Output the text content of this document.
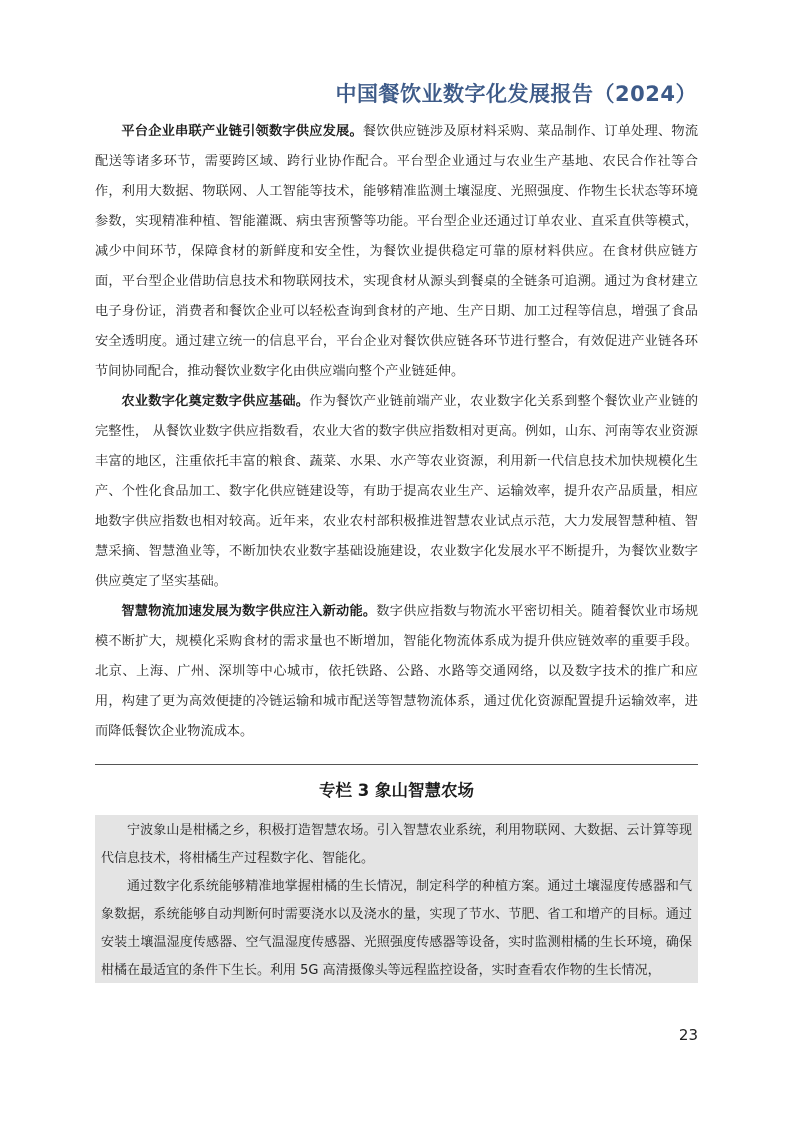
中国餐饮业数字化发展报告（2024）

平台企业串联产业链引领数字供应发展。餐饮供应链涉及原材料采购、菜品制作、订单处理、物流配送等诸多环节，需要跨区域、跨行业协作配合。平台型企业通过与农业生产基地、农民合作社等合作，利用大数据、物联网、人工智能等技术，能够精准监测土壤湿度、光照强度、作物生长状态等环境参数，实现精准种植、智能灌溉、病虫害预警等功能。平台型企业还通过订单农业、直采直供等模式，减少中间环节，保障食材的新鲜度和安全性，为餐饮业提供稳定可靠的原材料供应。在食材供应链方面，平台型企业借助信息技术和物联网技术，实现食材从源头到餐桌的全链条可追溯。通过为食材建立电子身份证，消费者和餐饮企业可以轻松查询到食材的产地、生产日期、加工过程等信息，增强了食品安全透明度。通过建立统一的信息平台，平台企业对餐饮供应链各环节进行整合，有效促进产业链各环节间协同配合，推动餐饮业数字化由供应端向整个产业链延伸。

农业数字化奠定数字供应基础。作为餐饮产业链前端产业，农业数字化关系到整个餐饮业产业链的完整性， 从餐饮业数字供应指数看，农业大省的数字供应指数相对更高。例如，山东、河南等农业资源丰富的地区，注重依托丰富的粮食、蔬菜、水果、水产等农业资源，利用新一代信息技术加快规模化生产、个性化食品加工、数字化供应链建设等，有助于提高农业生产、运输效率，提升农产品质量，相应地数字供应指数也相对较高。近年来，农业农村部积极推进智慧农业试点示范，大力发展智慧种植、智慧采摘、智慧渔业等，不断加快农业数字基础设施建设，农业数字化发展水平不断提升，为餐饮业数字供应奠定了坚实基础。

智慧物流加速发展为数字供应注入新动能。数字供应指数与物流水平密切相关。随着餐饮业市场规模不断扩大，规模化采购食材的需求量也不断增加，智能化物流体系成为提升供应链效率的重要手段。北京、上海、广州、深圳等中心城市，依托铁路、公路、水路等交通网络，以及数字技术的推广和应用，构建了更为高效便捷的冷链运输和城市配送等智慧物流体系，通过优化资源配置提升运输效率，进而降低餐饮企业物流成本。

专栏 3 象山智慧农场

宁波象山是柑橘之乡，积极打造智慧农场。引入智慧农业系统，利用物联网、大数据、云计算等现代信息技术，将柑橘生产过程数字化、智能化。

通过数字化系统能够精准地掌握柑橘的生长情况，制定科学的种植方案。通过土壤湿度传感器和气象数据，系统能够自动判断何时需要浇水以及浇水的量，实现了节水、节肥、省工和增产的目标。通过安装土壤温湿度传感器、空气温湿度传感器、光照强度传感器等设备，实时监测柑橘的生长环境，确保柑橘在最适宜的条件下生长。利用 5G 高清摄像头等远程监控设备，实时查看农作物的生长情况，

23
